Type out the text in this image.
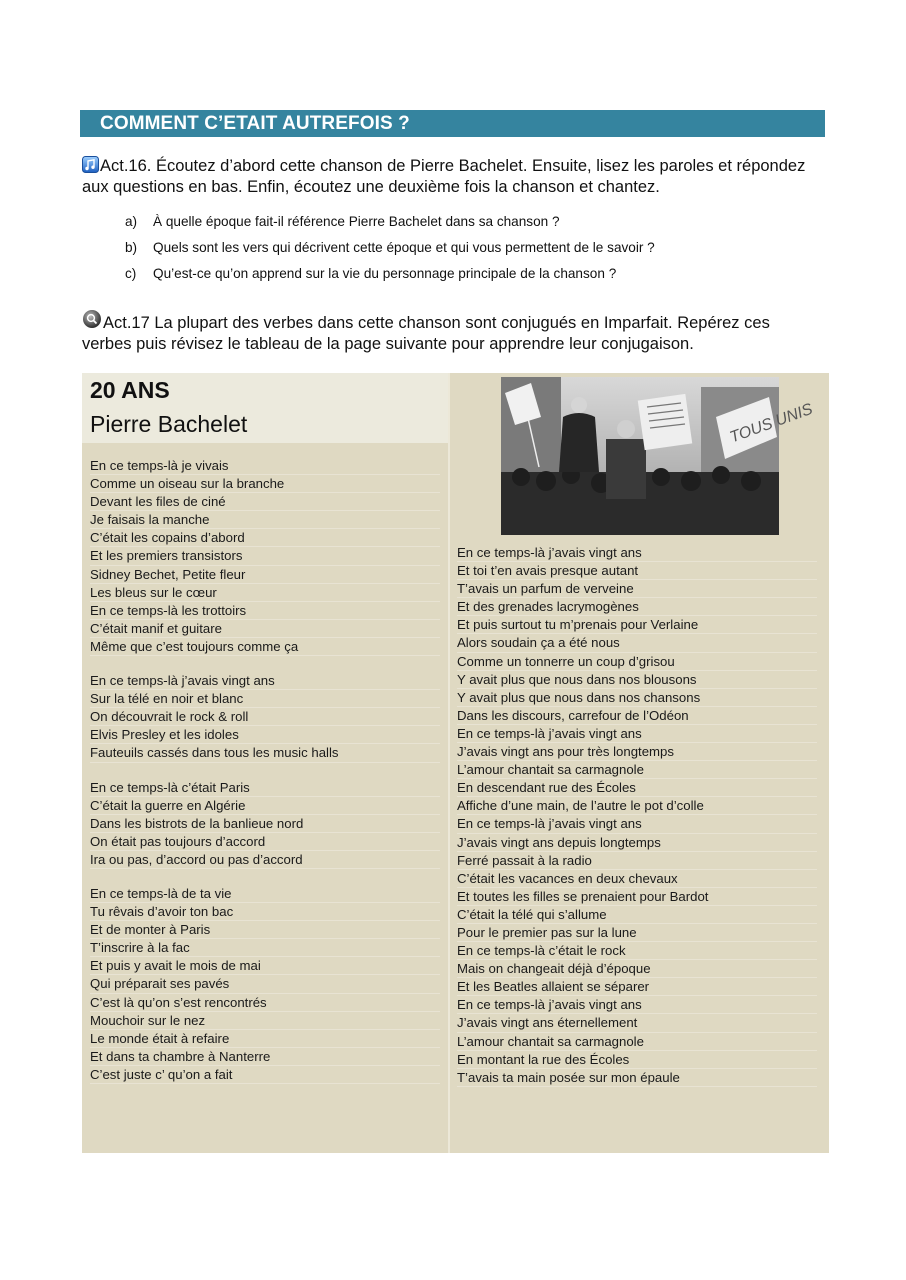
COMMENT C’ETAIT AUTREFOIS ?
Act.16. Écoutez d’abord cette chanson de Pierre Bachelet. Ensuite, lisez les paroles et répondez aux questions en bas. Enfin, écoutez une deuxième fois la chanson et chantez.
a) À quelle époque fait-il référence Pierre Bachelet dans sa chanson ?
b) Quels sont les vers qui décrivent cette époque et qui vous permettent de le savoir ?
c) Qu’est-ce qu’on apprend sur la vie du personnage principale de la chanson ?
Act.17 La plupart des verbes dans cette chanson sont conjugués en Imparfait. Repérez ces verbes puis révisez le tableau de la page suivante pour apprendre leur conjugaison.
20 ANS
Pierre Bachelet
En ce temps-là je vivais
Comme un oiseau sur la branche
Devant les files de ciné
Je faisais la manche
C’était les copains d’abord
Et les premiers transistors
Sidney Bechet, Petite fleur
Les bleus sur le cœur
En ce temps-là les trottoirs
C’était manif et guitare
Même que c’est toujours comme ça
En ce temps-là j’avais vingt ans
Sur la télé en noir et blanc
On découvrait le rock & roll
Elvis Presley et les idoles
Fauteuils cassés dans tous les music halls
En ce temps-là c’était Paris
C’était la guerre en Algérie
Dans les bistrots de la banlieue nord
On était pas toujours d’accord
Ira ou pas, d’accord ou pas d’accord
En ce temps-là de ta vie
Tu rêvais d’avoir ton bac
Et de monter à Paris
T’inscrire à la fac
Et puis y avait le mois de mai
Qui préparait ses pavés
C’est là qu’on s’est rencontrés
Mouchoir sur le nez
Le monde était à refaire
Et dans ta chambre à Nanterre
C’est juste c’ qu’on a fait
TOUS UNIS
En ce temps-là j’avais vingt ans
Et toi t’en avais presque autant
T’avais un parfum de verveine
Et des grenades lacrymogènes
Et puis surtout tu m’prenais pour Verlaine
Alors soudain ça a été nous
Comme un tonnerre un coup d’grisou
Y avait plus que nous dans nos blousons
Y avait plus que nous dans nos chansons
Dans les discours, carrefour de l’Odéon
En ce temps-là j’avais vingt ans
J’avais vingt ans pour très longtemps
L’amour chantait sa carmagnole
En descendant rue des Écoles
Affiche d’une main, de l’autre le pot d’colle
En ce temps-là j’avais vingt ans
J’avais vingt ans depuis longtemps
Ferré passait à la radio
C’était les vacances en deux chevaux
Et toutes les filles se prenaient pour Bardot
C’était la télé qui s’allume
Pour le premier pas sur la lune
En ce temps-là c’était le rock
Mais on changeait déjà d’époque
Et les Beatles allaient se séparer
En ce temps-là j’avais vingt ans
J’avais vingt ans éternellement
L’amour chantait sa carmagnole
En montant la rue des Écoles
T’avais ta main posée sur mon épaule
